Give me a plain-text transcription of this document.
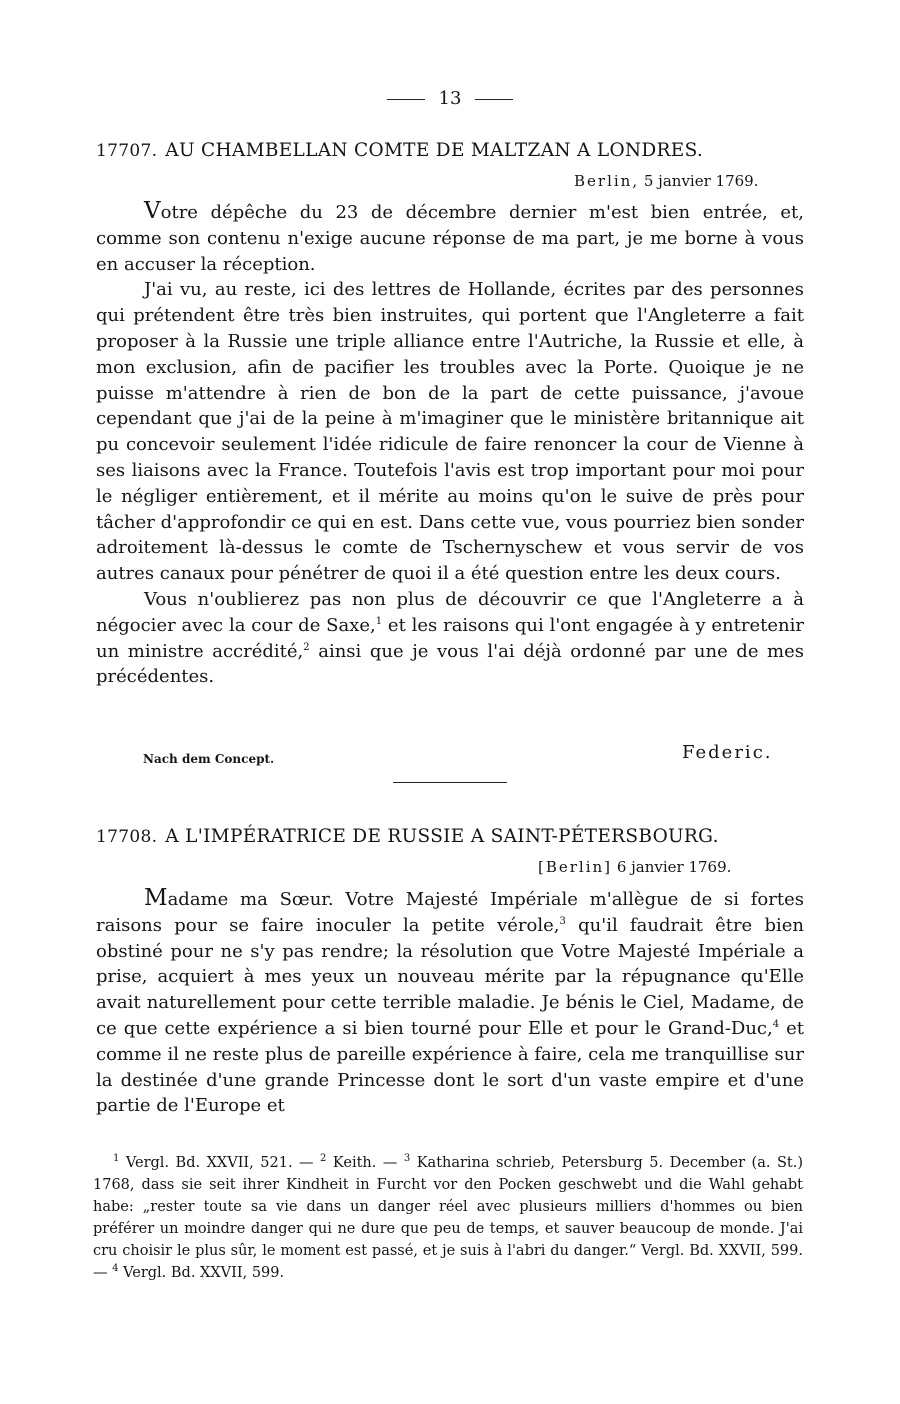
13
17707. AU CHAMBELLAN COMTE DE MALTZAN A LONDRES.
Berlin, 5 janvier 1769.

Votre dépêche du 23 de décembre dernier m'est bien entrée, et, comme son contenu n'exige aucune réponse de ma part, je me borne à vous en accuser la réception.

J'ai vu, au reste, ici des lettres de Hollande, écrites par des personnes qui prétendent être très bien instruites, qui portent que l'Angleterre a fait proposer à la Russie une triple alliance entre l'Autriche, la Russie et elle, à mon exclusion, afin de pacifier les troubles avec la Porte. Quoique je ne puisse m'attendre à rien de bon de la part de cette puissance, j'avoue cependant que j'ai de la peine à m'imaginer que le ministère britannique ait pu concevoir seulement l'idée ridicule de faire renoncer la cour de Vienne à ses liaisons avec la France. Toutefois l'avis est trop important pour moi pour le négliger entièrement, et il mérite au moins qu'on le suive de près pour tâcher d'approfondir ce qui en est. Dans cette vue, vous pourriez bien sonder adroitement là-dessus le comte de Tschernyschew et vous servir de vos autres canaux pour pénétrer de quoi il a été question entre les deux cours.

Vous n'oublierez pas non plus de découvrir ce que l'Angleterre a à négocier avec la cour de Saxe,$^1$ et les raisons qui l'ont engagée à y entretenir un ministre accrédité,$^2$ ainsi que je vous l'ai déjà ordonné par une de mes précédentes.

Nach dem Concept.	Federic.
17708. A L'IMPÉRATRICE DE RUSSIE A SAINT-PÉTERSBOURG.
[Berlin] 6 janvier 1769.

Madame ma Sœur. Votre Majesté Impériale m'allègue de si fortes raisons pour se faire inoculer la petite vérole,$^3$ qu'il faudrait être bien obstiné pour ne s'y pas rendre; la résolution que Votre Majesté Impériale a prise, acquiert à mes yeux un nouveau mérite par la répugnance qu'Elle avait naturellement pour cette terrible maladie. Je bénis le Ciel, Madame, de ce que cette expérience a si bien tourné pour Elle et pour le Grand-Duc,$^4$ et comme il ne reste plus de pareille expérience à faire, cela me tranquillise sur la destinée d'une grande Princesse dont le sort d'un vaste empire et d'une partie de l'Europe et

$^1$ Vergl. Bd. XXVII, 521. — $^2$ Keith. — $^3$ Katharina schrieb, Petersburg 5. December (a. St.) 1768, dass sie seit ihrer Kindheit in Furcht vor den Pocken geschwebt und die Wahl gehabt habe: „rester toute sa vie dans un danger réel avec plusieurs milliers d'hommes ou bien préférer un moindre danger qui ne dure que peu de temps, et sauver beaucoup de monde. J'ai cru choisir le plus sûr, le moment est passé, et je suis à l'abri du danger.“ Vergl. Bd. XXVII, 599. — $^4$ Vergl. Bd. XXVII, 599.
